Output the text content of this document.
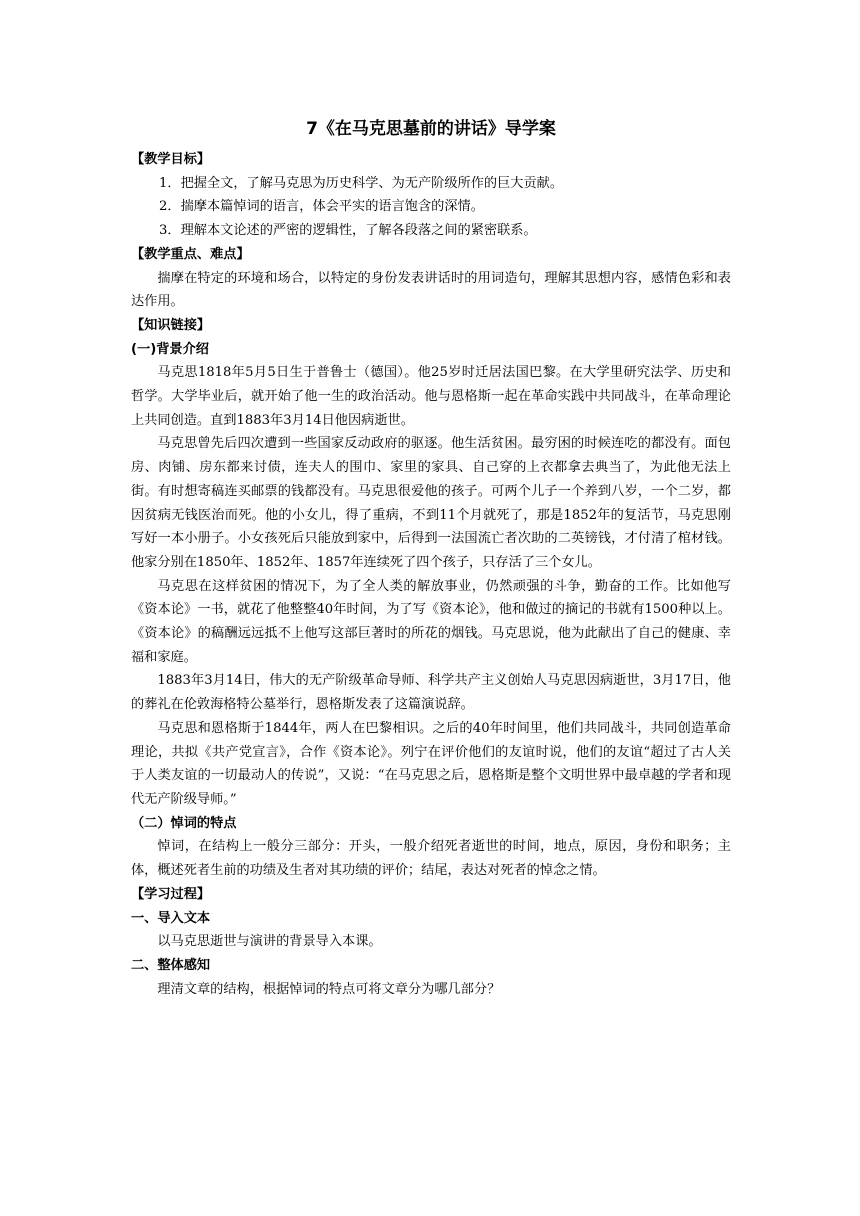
7《在马克思墓前的讲话》导学案

【教学目标】

1．把握全文，了解马克思为历史科学、为无产阶级所作的巨大贡献。

2．揣摩本篇悼词的语言，体会平实的语言饱含的深情。

3．理解本文论述的严密的逻辑性，了解各段落之间的紧密联系。

【教学重点、难点】

揣摩在特定的环境和场合，以特定的身份发表讲话时的用词造句，理解其思想内容，感情色彩和表达作用。

【知识链接】

(一)背景介绍

马克思1818年5月5日生于普鲁士（德国）。他25岁时迁居法国巴黎。在大学里研究法学、历史和哲学。大学毕业后，就开始了他一生的政治活动。他与恩格斯一起在革命实践中共同战斗，在革命理论上共同创造。直到1883年3月14日他因病逝世。

马克思曾先后四次遭到一些国家反动政府的驱逐。他生活贫困。最穷困的时候连吃的都没有。面包房、肉铺、房东都来讨债，连夫人的围巾、家里的家具、自己穿的上衣都拿去典当了，为此他无法上街。有时想寄稿连买邮票的钱都没有。马克思很爱他的孩子。可两个儿子一个养到八岁，一个二岁，都因贫病无钱医治而死。他的小女儿，得了重病，不到11个月就死了，那是1852年的复活节，马克思刚写好一本小册子。小女孩死后只能放到家中，后得到一法国流亡者次助的二英镑钱，才付清了棺材钱。他家分别在1850年、1852年、1857年连续死了四个孩子，只存活了三个女儿。

马克思在这样贫困的情况下，为了全人类的解放事业，仍然顽强的斗争，勤奋的工作。比如他写《资本论》一书，就花了他整整40年时间，为了写《资本论》，他和做过的摘记的书就有1500种以上。《资本论》的稿酬远远抵不上他写这部巨著时的所花的烟钱。马克思说，他为此献出了自己的健康、幸福和家庭。

1883年3月14日，伟大的无产阶级革命导师、科学共产主义创始人马克思因病逝世，3月17日，他的葬礼在伦敦海格特公墓举行，恩格斯发表了这篇演说辞。

马克思和恩格斯于1844年，两人在巴黎相识。之后的40年时间里，他们共同战斗，共同创造革命理论，共拟《共产党宣言》，合作《资本论》。列宁在评价他们的友谊时说，他们的友谊“超过了古人关于人类友谊的一切最动人的传说”，又说：“在马克思之后，恩格斯是整个文明世界中最卓越的学者和现代无产阶级导师。”

（二）悼词的特点

悼词，在结构上一般分三部分：开头，一般介绍死者逝世的时间，地点，原因，身份和职务；主体，概述死者生前的功绩及生者对其功绩的评价；结尾，表达对死者的悼念之情。

【学习过程】

一、导入文本

以马克思逝世与演讲的背景导入本课。

二、整体感知

理清文章的结构，根据悼词的特点可将文章分为哪几部分？
